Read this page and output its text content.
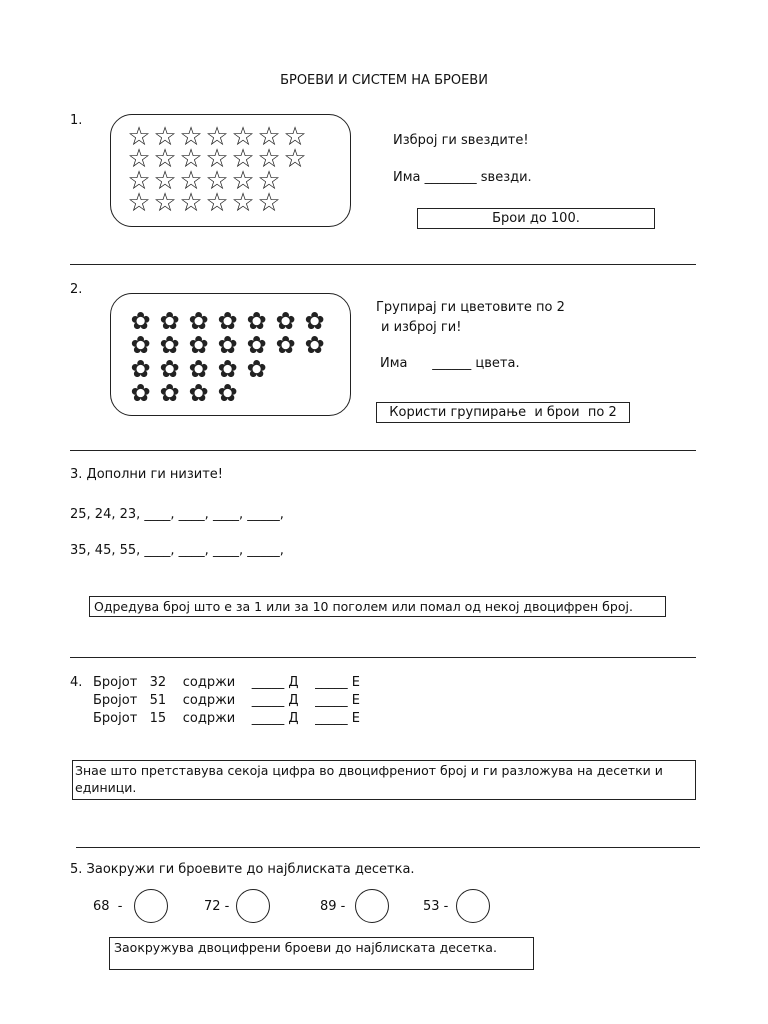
БРОЕВИ И СИСТЕМ НА БРОЕВИ
1.
☆ ☆ ☆ ☆ ☆ ☆ ☆
☆ ☆ ☆ ☆ ☆ ☆ ☆
☆ ☆ ☆ ☆ ☆ ☆
☆ ☆ ☆ ☆ ☆ ☆
Изброј ги ѕвездите!
Има ________ ѕвезди.
Брои до 100.
2.
✿ ✿ ✿ ✿ ✿ ✿ ✿
✿ ✿ ✿ ✿ ✿ ✿ ✿
✿ ✿ ✿ ✿ ✿
✿ ✿ ✿ ✿
Групирај ги цветовите по 2
и изброј ги!
Има      ______ цвета.
Користи групирање  и брои  по 2
3. Дополни ги низите!
25, 24, 23, ____, ____, ____, _____,
35, 45, 55, ____, ____, ____, _____,
Одредува број што е за 1 или за 10 поголем или помал од некој двоцифрен број.
4. Бројот   32    содржи    _____ Д    _____ Е
Бројот   51    содржи    _____ Д    _____ Е
Бројот   15    содржи    _____ Д    _____ Е
Знае што претставува секоја цифра во двоцифрениот број и ги разложува на десетки и
единици.
5. Заокружи ги броевите до најблиската десетка.
68  -	72 -	89 -	53 -
Заокружува двоцифрени броеви до најблиската десетка.
